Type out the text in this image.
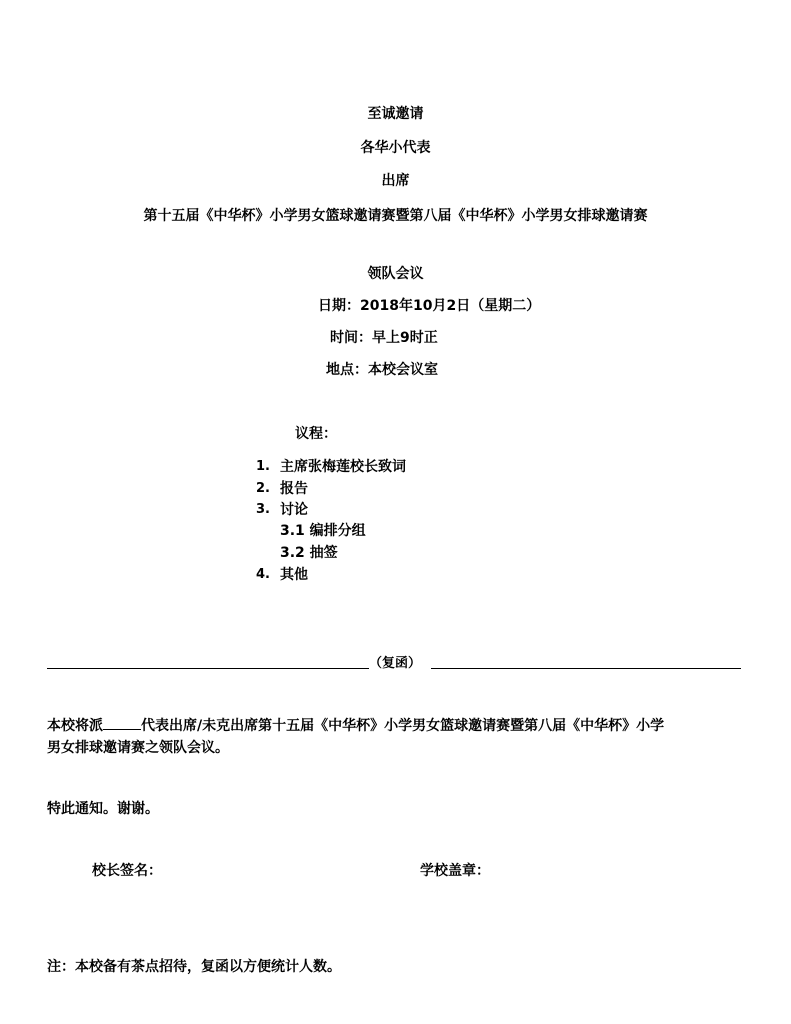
至诚邀请
各华小代表
出席
第十五届《中华杯》小学男女篮球邀请赛暨第八届《中华杯》小学男女排球邀请赛
领队会议
日期：2018年10月2日（星期二）
时间：早上9时正
地点：本校会议室
议程：
1. 主席张梅莲校长致词
2. 报告
3. 讨论
3.1 编排分组
3.2 抽签
4. 其他
（复函）
本校将派	代表出席/未克出席第十五届《中华杯》小学男女篮球邀请赛暨第八届《中华杯》小学
男女排球邀请赛之领队会议。
特此通知。谢谢。
校长签名：	学校盖章：
注：本校备有茶点招待，复函以方便统计人数。
